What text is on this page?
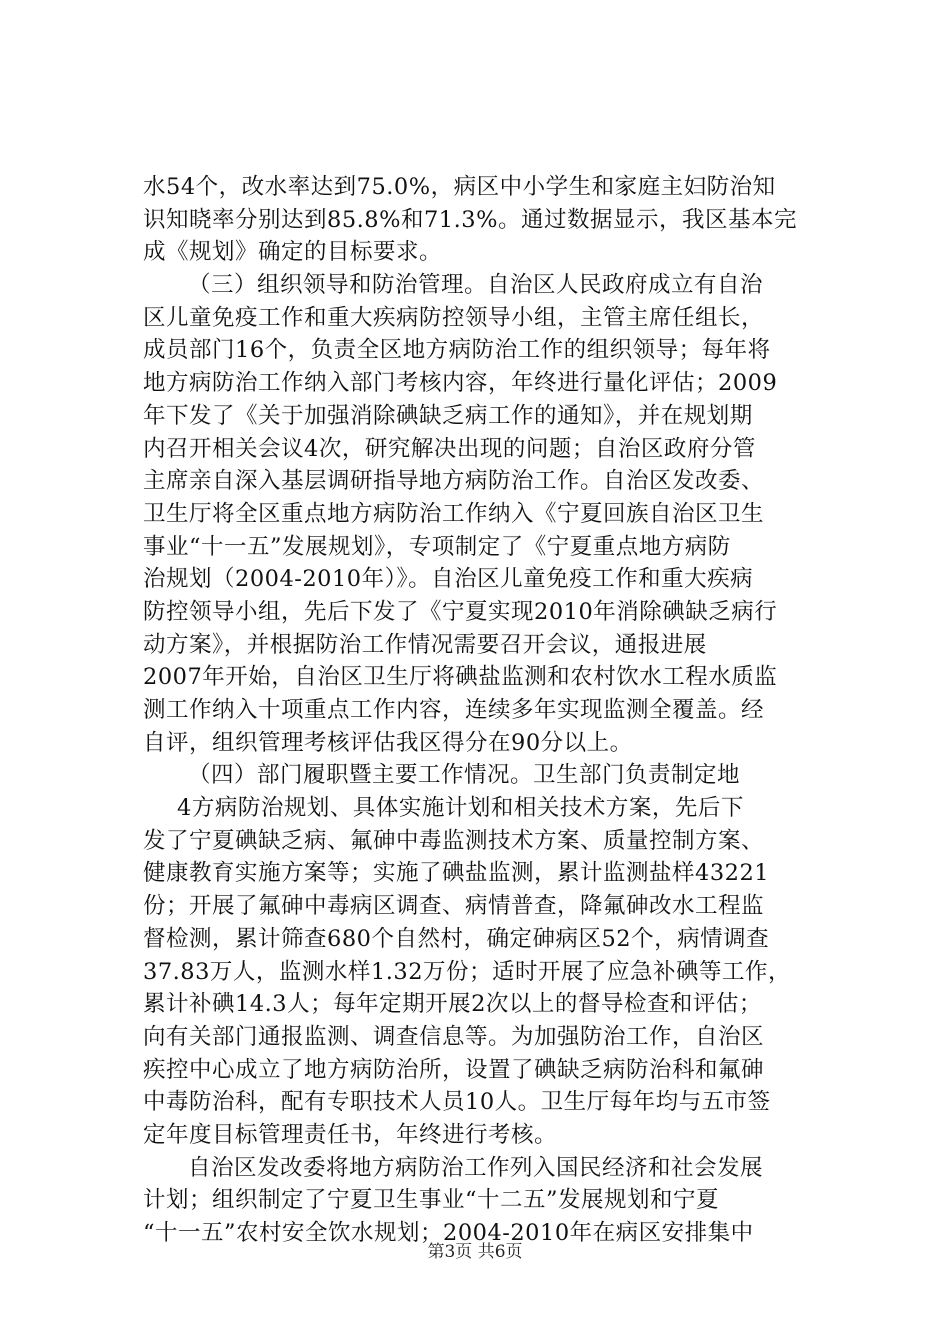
水54个，改水率达到75.0%，病区中小学生和家庭主妇防治知
识知晓率分别达到85.8%和71.3%。通过数据显示，我区基本完
成《规划》确定的目标要求。
（三）组织领导和防治管理。自治区人民政府成立有自治
区儿童免疫工作和重大疾病防控领导小组，主管主席任组长，
成员部门16个，负责全区地方病防治工作的组织领导；每年将
地方病防治工作纳入部门考核内容，年终进行量化评估；2009
年下发了《关于加强消除碘缺乏病工作的通知》，并在规划期
内召开相关会议4次，研究解决出现的问题；自治区政府分管
主席亲自深入基层调研指导地方病防治工作。自治区发改委、
卫生厅将全区重点地方病防治工作纳入《宁夏回族自治区卫生
事业“十一五”发展规划》，专项制定了《宁夏重点地方病防
治规划（2004-2010年）》。自治区儿童免疫工作和重大疾病
防控领导小组，先后下发了《宁夏实现2010年消除碘缺乏病行
动方案》，并根据防治工作情况需要召开会议，通报进展
2007年开始，自治区卫生厅将碘盐监测和农村饮水工程水质监
测工作纳入十项重点工作内容，连续多年实现监测全覆盖。经
自评，组织管理考核评估我区得分在90分以上。
（四）部门履职暨主要工作情况。卫生部门负责制定地
4方病防治规划、具体实施计划和相关技术方案，先后下
发了宁夏碘缺乏病、氟砷中毒监测技术方案、质量控制方案、
健康教育实施方案等；实施了碘盐监测，累计监测盐样43221
份；开展了氟砷中毒病区调查、病情普查，降氟砷改水工程监
督检测，累计筛查680个自然村，确定砷病区52个，病情调查
37.83万人，监测水样1.32万份；适时开展了应急补碘等工作，
累计补碘14.3人；每年定期开展2次以上的督导检查和评估；
向有关部门通报监测、调查信息等。为加强防治工作，自治区
疾控中心成立了地方病防治所，设置了碘缺乏病防治科和氟砷
中毒防治科，配有专职技术人员10人。卫生厅每年均与五市签
定年度目标管理责任书，年终进行考核。
自治区发改委将地方病防治工作列入国民经济和社会发展
计划；组织制定了宁夏卫生事业“十二五”发展规划和宁夏
“十一五”农村安全饮水规划；2004-2010年在病区安排集中
第3页 共6页
